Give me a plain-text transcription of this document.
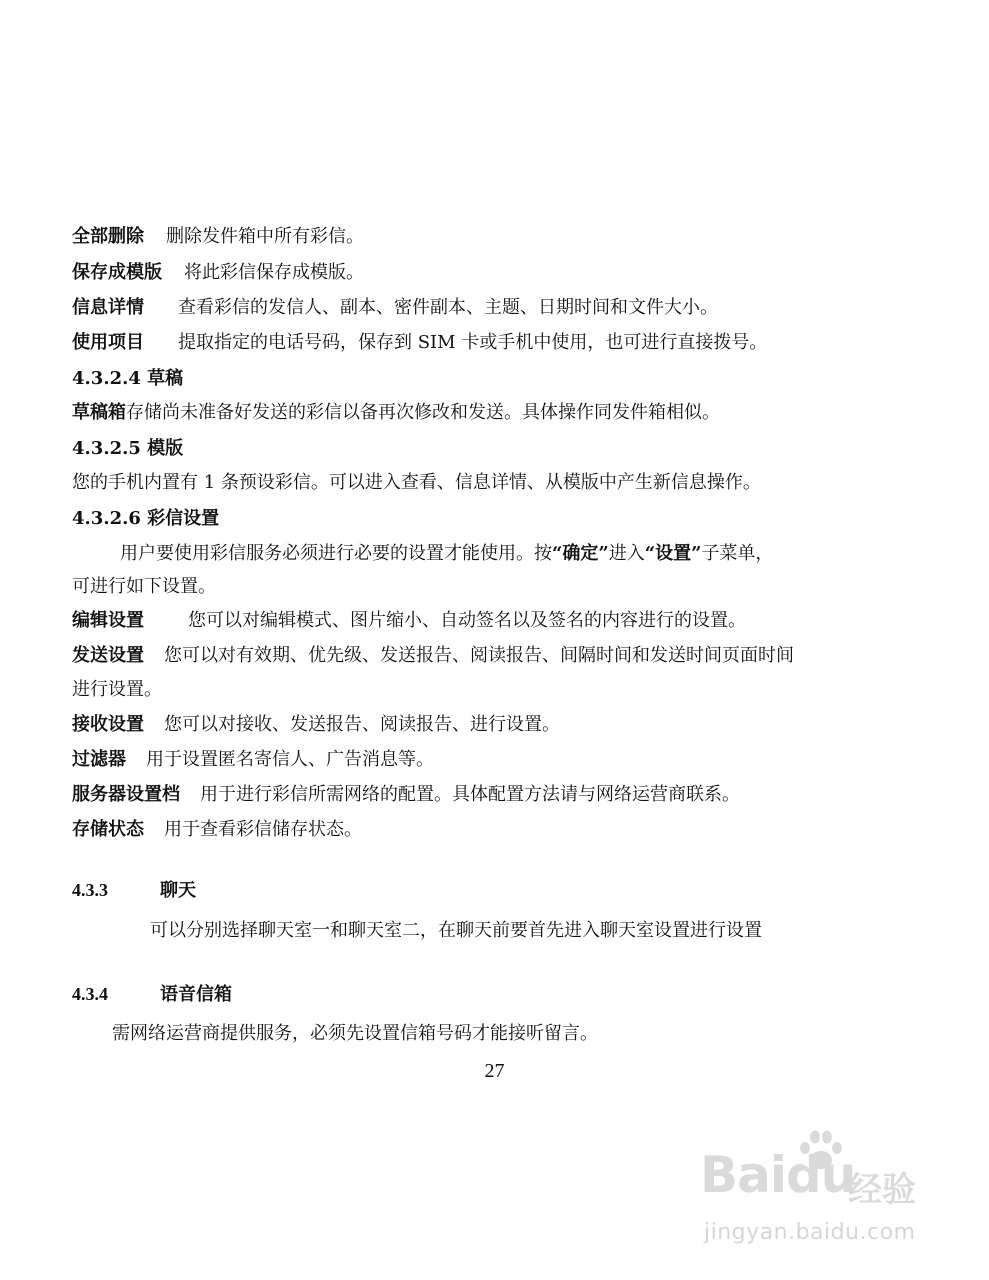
全部删除 删除发件箱中所有彩信。
保存成模版 将此彩信保存成模版。
信息详情 查看彩信的发信人、副本、密件副本、主题、日期时间和文件大小。
使用项目 提取指定的电话号码，保存到 SIM 卡或手机中使用，也可进行直接拨号。
4.3.2.4 草稿
草稿箱存储尚未准备好发送的彩信以备再次修改和发送。具体操作同发件箱相似。
4.3.2.5 模版
您的手机内置有 1 条预设彩信。可以进入查看、信息详情、从模版中产生新信息操作。
4.3.2.6 彩信设置
用户要使用彩信服务必须进行必要的设置才能使用。按“确定”进入“设置”子菜单，
可进行如下设置。
编辑设置 您可以对编辑模式、图片缩小、自动签名以及签名的内容进行的设置。
发送设置 您可以对有效期、优先级、发送报告、阅读报告、间隔时间和发送时间页面时间
进行设置。
接收设置 您可以对接收、发送报告、阅读报告、进行设置。
过滤器 用于设置匿名寄信人、广告消息等。
服务器设置档 用于进行彩信所需网络的配置。具体配置方法请与网络运营商联系。
存储状态 用于查看彩信储存状态。
4.3.3	聊天
可以分别选择聊天室一和聊天室二，在聊天前要首先进入聊天室设置进行设置
4.3.4	语音信箱
需网络运营商提供服务，必须先设置信箱号码才能接听留言。
27
Baidu
经验
jingyan.baidu.com
